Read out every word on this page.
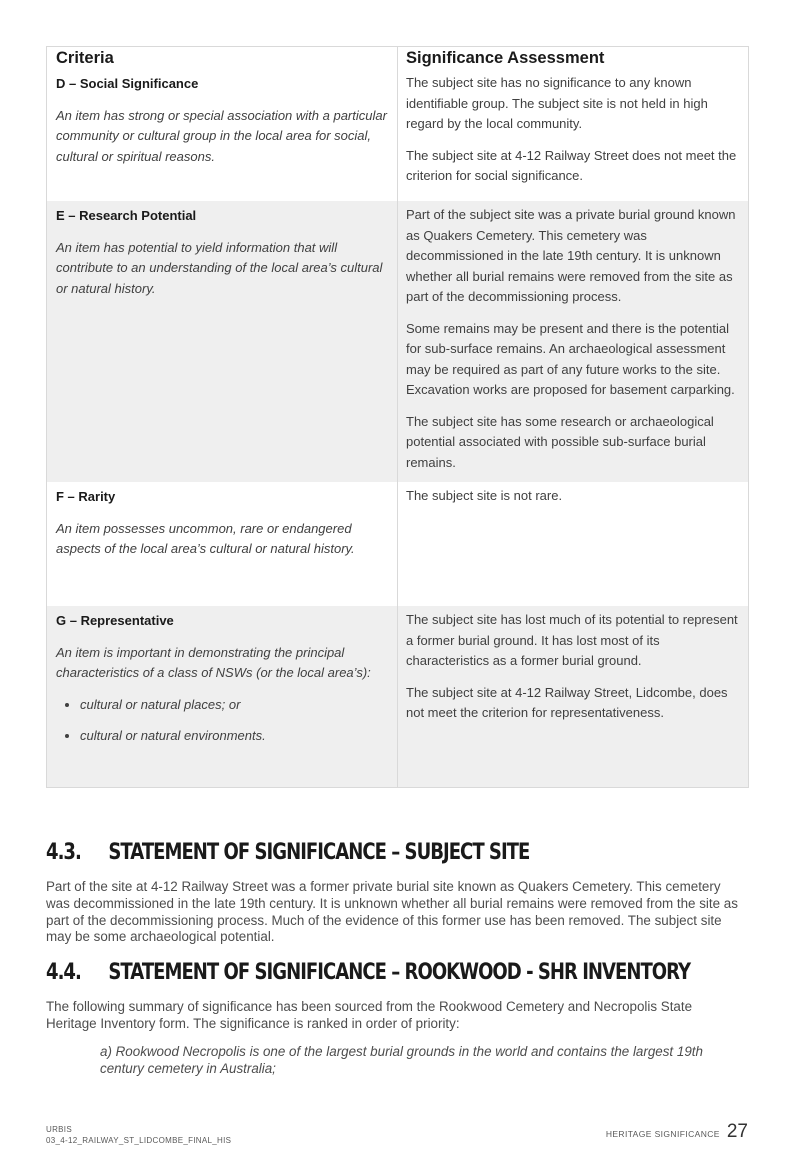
Criteria	Significance Assessment

D – Social Significance

An item has strong or special association with a particular community or cultural group in the local area for social, cultural or spiritual reasons.

The subject site has no significance to any known identifiable group. The subject site is not held in high regard by the local community.

The subject site at 4-12 Railway Street does not meet the criterion for social significance.

E – Research Potential

An item has potential to yield information that will contribute to an understanding of the local area’s cultural or natural history.

Part of the subject site was a private burial ground known as Quakers Cemetery. This cemetery was decommissioned in the late 19th century. It is unknown whether all burial remains were removed from the site as part of the decommissioning process.

Some remains may be present and there is the potential for sub-surface remains. An archaeological assessment may be required as part of any future works to the site. Excavation works are proposed for basement carparking.

The subject site has some research or archaeological potential associated with possible sub-surface burial remains.

F – Rarity

An item possesses uncommon, rare or endangered aspects of the local area’s cultural or natural history.

The subject site is not rare.

G – Representative

An item is important in demonstrating the principal characteristics of a class of NSWs (or the local area’s):

• cultural or natural places; or
• cultural or natural environments.

The subject site has lost much of its potential to represent a former burial ground. It has lost most of its characteristics as a former burial ground.

The subject site at 4-12 Railway Street, Lidcombe, does not meet the criterion for representativeness.

4.3. STATEMENT OF SIGNIFICANCE – SUBJECT SITE

Part of the site at 4-12 Railway Street was a former private burial site known as Quakers Cemetery. This cemetery was decommissioned in the late 19th century. It is unknown whether all burial remains were removed from the site as part of the decommissioning process. Much of the evidence of this former use has been removed. The subject site may be some archaeological potential.

4.4. STATEMENT OF SIGNIFICANCE – ROOKWOOD - SHR INVENTORY

The following summary of significance has been sourced from the Rookwood Cemetery and Necropolis State Heritage Inventory form. The significance is ranked in order of priority:

a) Rookwood Necropolis is one of the largest burial grounds in the world and contains the largest 19th century cemetery in Australia;

URBIS
03_4-12_RAILWAY_ST_LIDCOMBE_FINAL_HIS
HERITAGE SIGNIFICANCE 27
